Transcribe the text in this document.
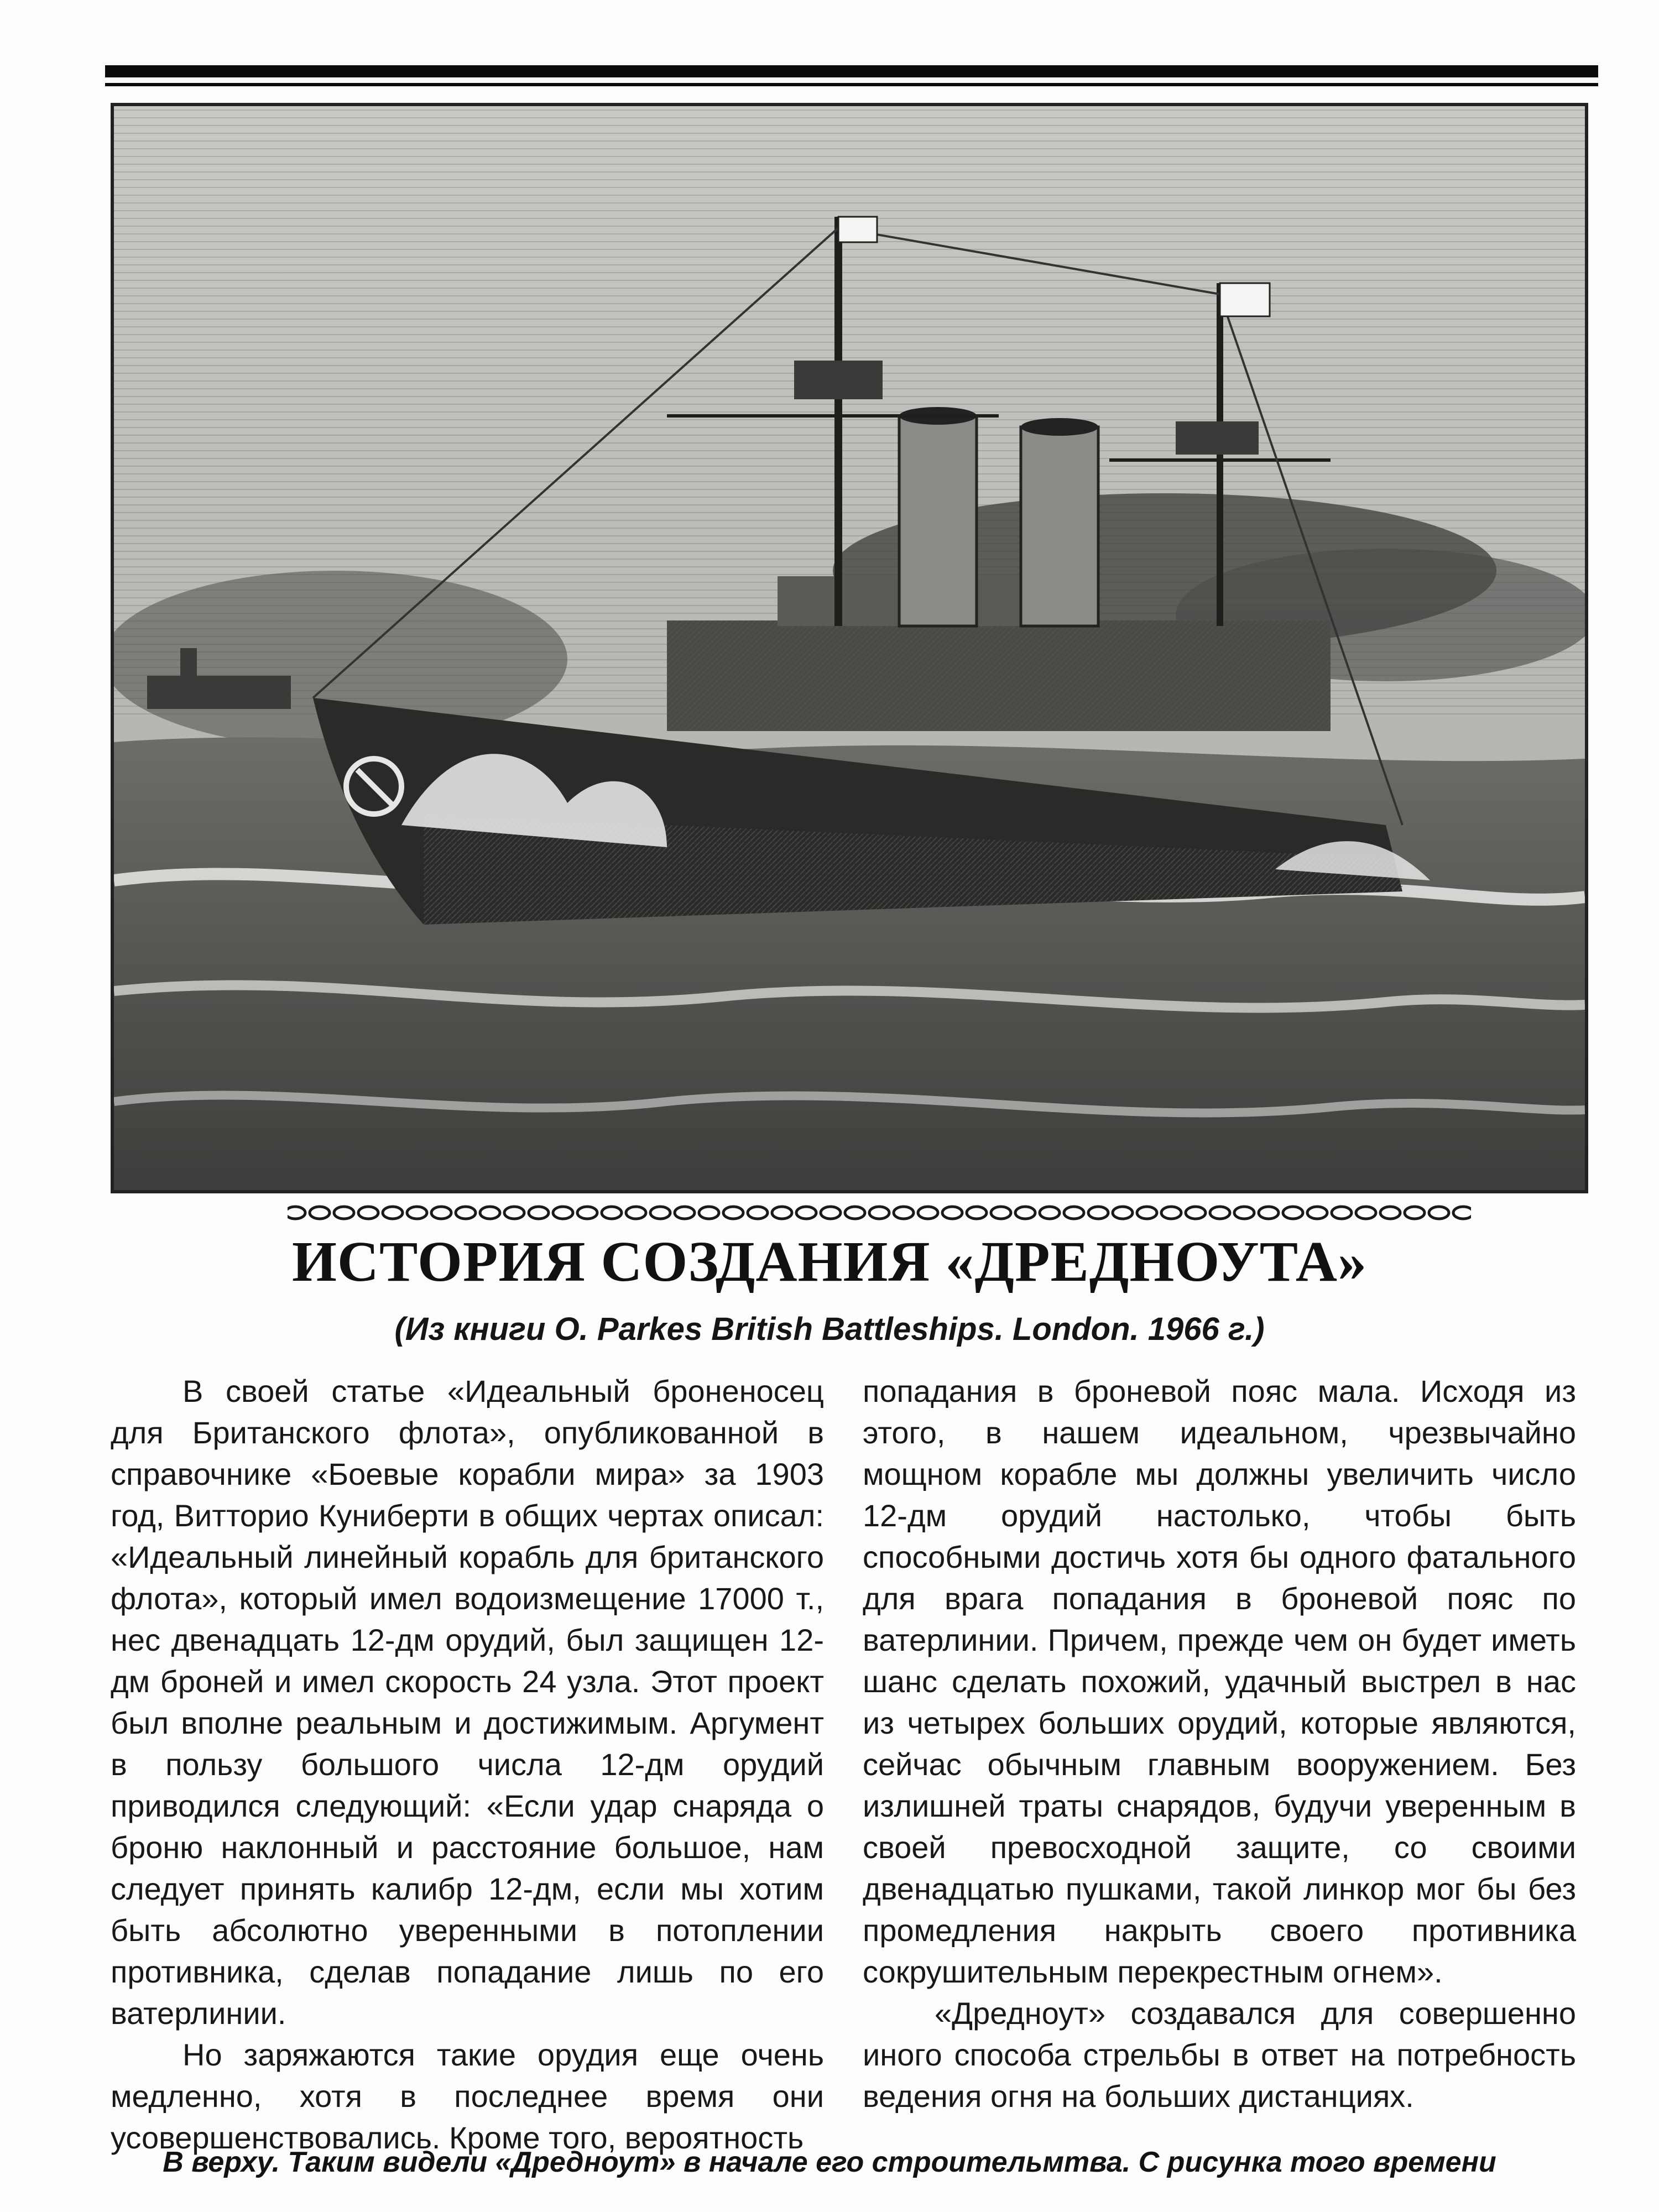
ИСТОРИЯ СОЗДАНИЯ «ДРЕДНОУТА»
(Из книги О. Parkes British Battleships. London. 1966 г.)

В своей статье «Идеальный броненосец для Британского флота», опубликованной в справочнике «Боевые корабли мира» за 1903 год, Витторио Куниберти в общих чертах описал: «Идеальный линейный корабль для британского флота», который имел водоизмещение 17000 т., нес двенадцать 12-дм орудий, был защищен 12-дм броней и имел скорость 24 узла. Этот проект был вполне реальным и достижимым. Аргумент в пользу большого числа 12-дм орудий приводился следующий: «Если удар снаряда о броню наклонный и расстояние большое, нам следует принять калибр 12-дм, если мы хотим быть абсолютно уверенными в потоплении противника, сделав попадание лишь по его ватерлинии.

Но заряжаются такие орудия еще очень медленно, хотя в последнее время они усовершенствовались. Кроме того, вероятность

попадания в броневой пояс мала. Исходя из этого, в нашем идеальном, чрезвычайно мощном корабле мы должны увеличить число 12-дм орудий настолько, чтобы быть способными достичь хотя бы одного фатального для врага попадания в броневой пояс по ватерлинии. Причем, прежде чем он будет иметь шанс сделать похожий, удачный выстрел в нас из четырех больших орудий, которые являются, сейчас обычным главным вооружением. Без излишней траты снарядов, будучи уверенным в своей превосходной защите, со своими двенадцатью пушками, такой линкор мог бы без промедления накрыть своего противника сокрушительным перекрестным огнем».

«Дредноут» создавался для совершенно иного способа стрельбы в ответ на потребность ведения огня на больших дистанциях.

В верху. Таким видели «Дредноут» в начале его строительмтва. С рисунка того времени
